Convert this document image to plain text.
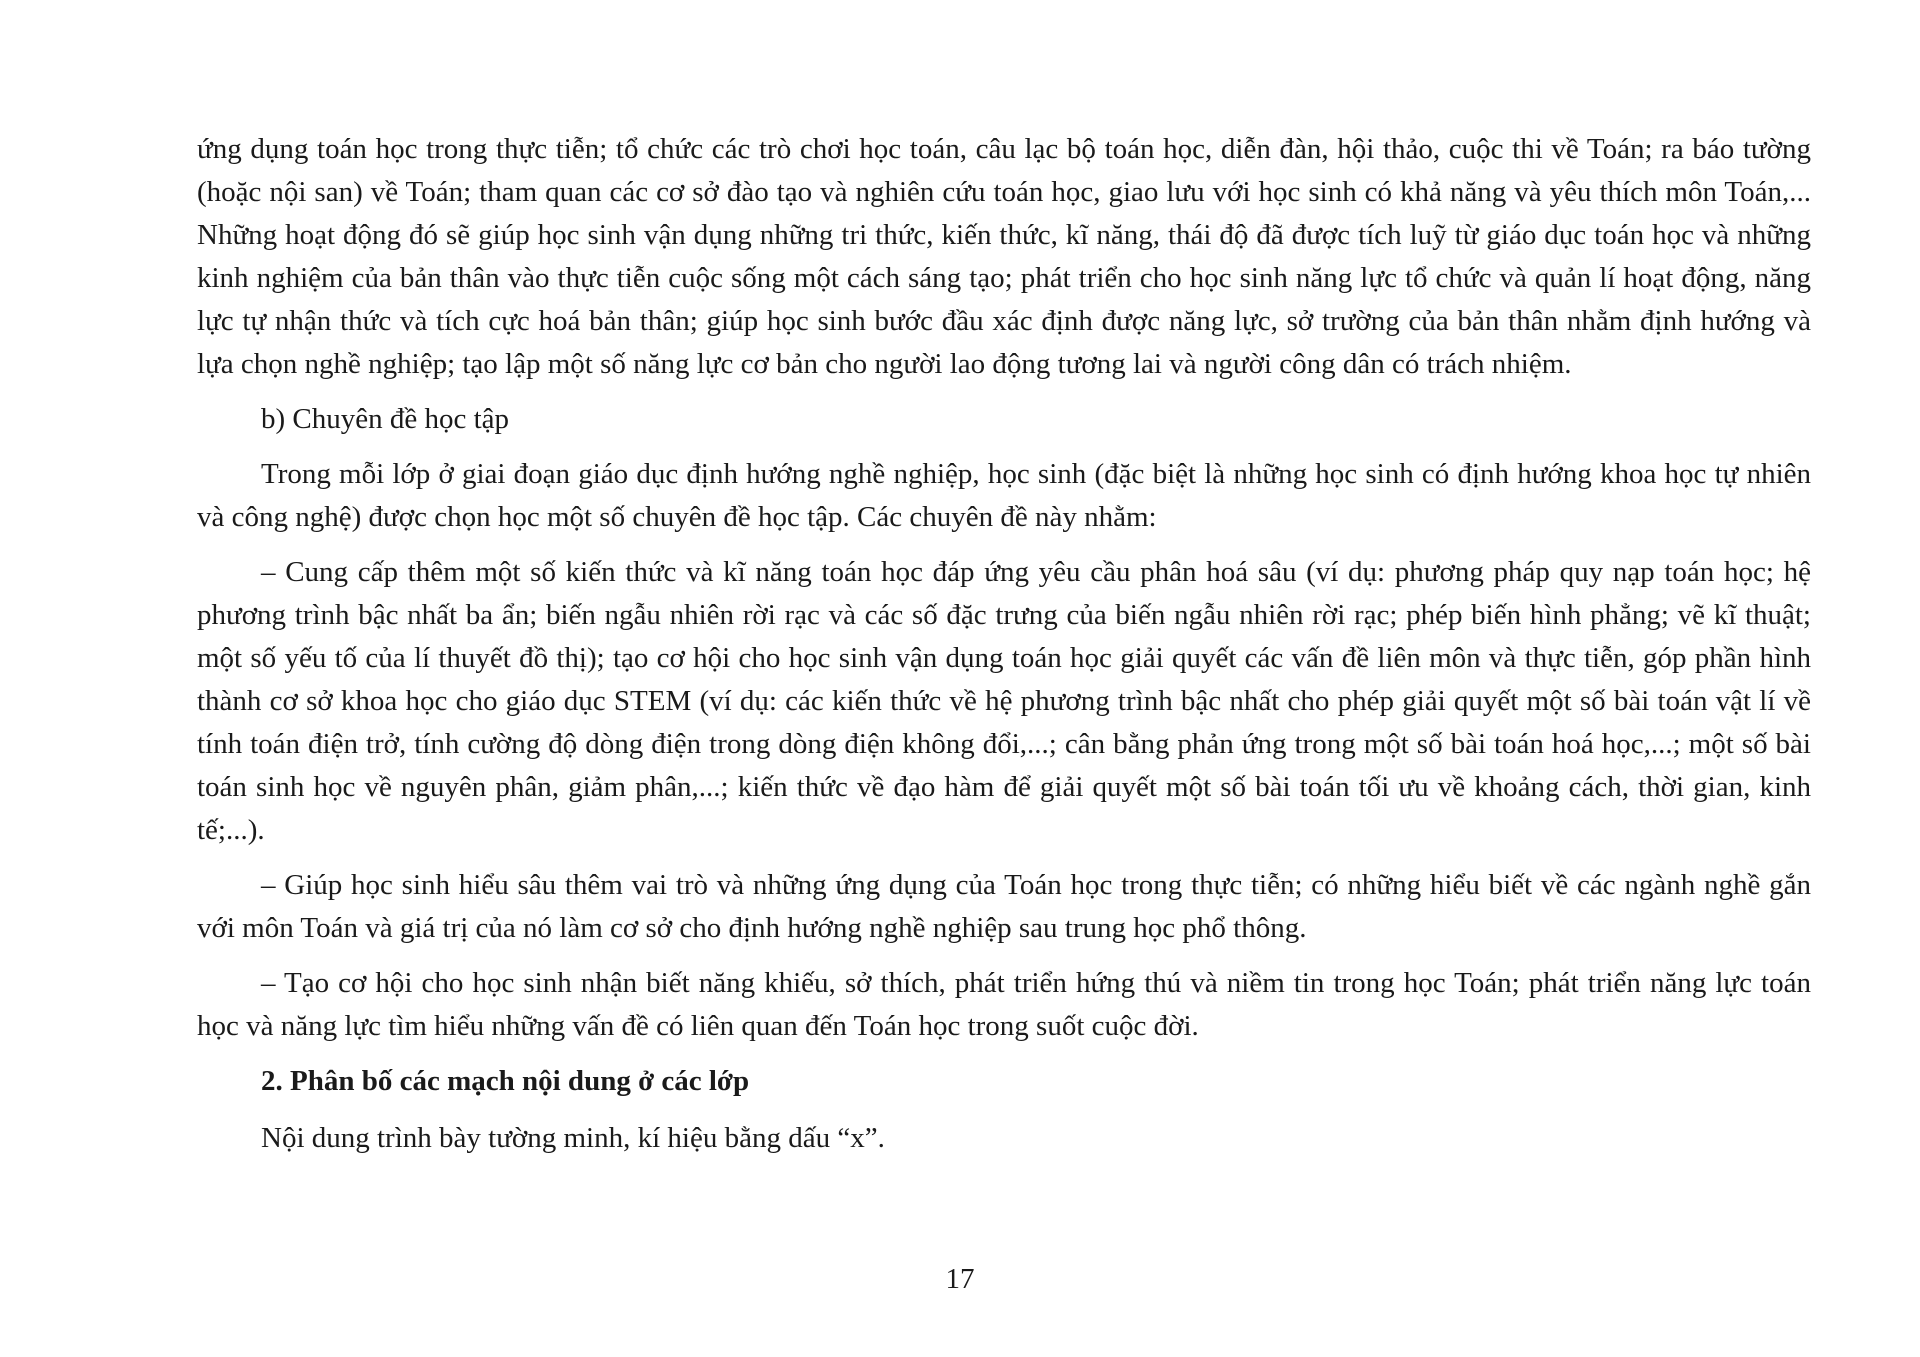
ứng dụng toán học trong thực tiễn; tổ chức các trò chơi học toán, câu lạc bộ toán học, diễn đàn, hội thảo, cuộc thi về Toán; ra báo tường (hoặc nội san) về Toán; tham quan các cơ sở đào tạo và nghiên cứu toán học, giao lưu với học sinh có khả năng và yêu thích môn Toán,... Những hoạt động đó sẽ giúp học sinh vận dụng những tri thức, kiến thức, kĩ năng, thái độ đã được tích luỹ từ giáo dục toán học và những kinh nghiệm của bản thân vào thực tiễn cuộc sống một cách sáng tạo; phát triển cho học sinh năng lực tổ chức và quản lí hoạt động, năng lực tự nhận thức và tích cực hoá bản thân; giúp học sinh bước đầu xác định được năng lực, sở trường của bản thân nhằm định hướng và lựa chọn nghề nghiệp; tạo lập một số năng lực cơ bản cho người lao động tương lai và người công dân có trách nhiệm.

b) Chuyên đề học tập

Trong mỗi lớp ở giai đoạn giáo dục định hướng nghề nghiệp, học sinh (đặc biệt là những học sinh có định hướng khoa học tự nhiên và công nghệ) được chọn học một số chuyên đề học tập. Các chuyên đề này nhằm:

– Cung cấp thêm một số kiến thức và kĩ năng toán học đáp ứng yêu cầu phân hoá sâu (ví dụ: phương pháp quy nạp toán học; hệ phương trình bậc nhất ba ẩn; biến ngẫu nhiên rời rạc và các số đặc trưng của biến ngẫu nhiên rời rạc; phép biến hình phẳng; vẽ kĩ thuật; một số yếu tố của lí thuyết đồ thị); tạo cơ hội cho học sinh vận dụng toán học giải quyết các vấn đề liên môn và thực tiễn, góp phần hình thành cơ sở khoa học cho giáo dục STEM (ví dụ: các kiến thức về hệ phương trình bậc nhất cho phép giải quyết một số bài toán vật lí về tính toán điện trở, tính cường độ dòng điện trong dòng điện không đổi,...; cân bằng phản ứng trong một số bài toán hoá học,...; một số bài toán sinh học về nguyên phân, giảm phân,...; kiến thức về đạo hàm để giải quyết một số bài toán tối ưu về khoảng cách, thời gian, kinh tế;...).

– Giúp học sinh hiểu sâu thêm vai trò và những ứng dụng của Toán học trong thực tiễn; có những hiểu biết về các ngành nghề gắn với môn Toán và giá trị của nó làm cơ sở cho định hướng nghề nghiệp sau trung học phổ thông.

– Tạo cơ hội cho học sinh nhận biết năng khiếu, sở thích, phát triển hứng thú và niềm tin trong học Toán; phát triển năng lực toán học và năng lực tìm hiểu những vấn đề có liên quan đến Toán học trong suốt cuộc đời.

2. Phân bố các mạch nội dung ở các lớp

Nội dung trình bày tường minh, kí hiệu bằng dấu “x”.

17
